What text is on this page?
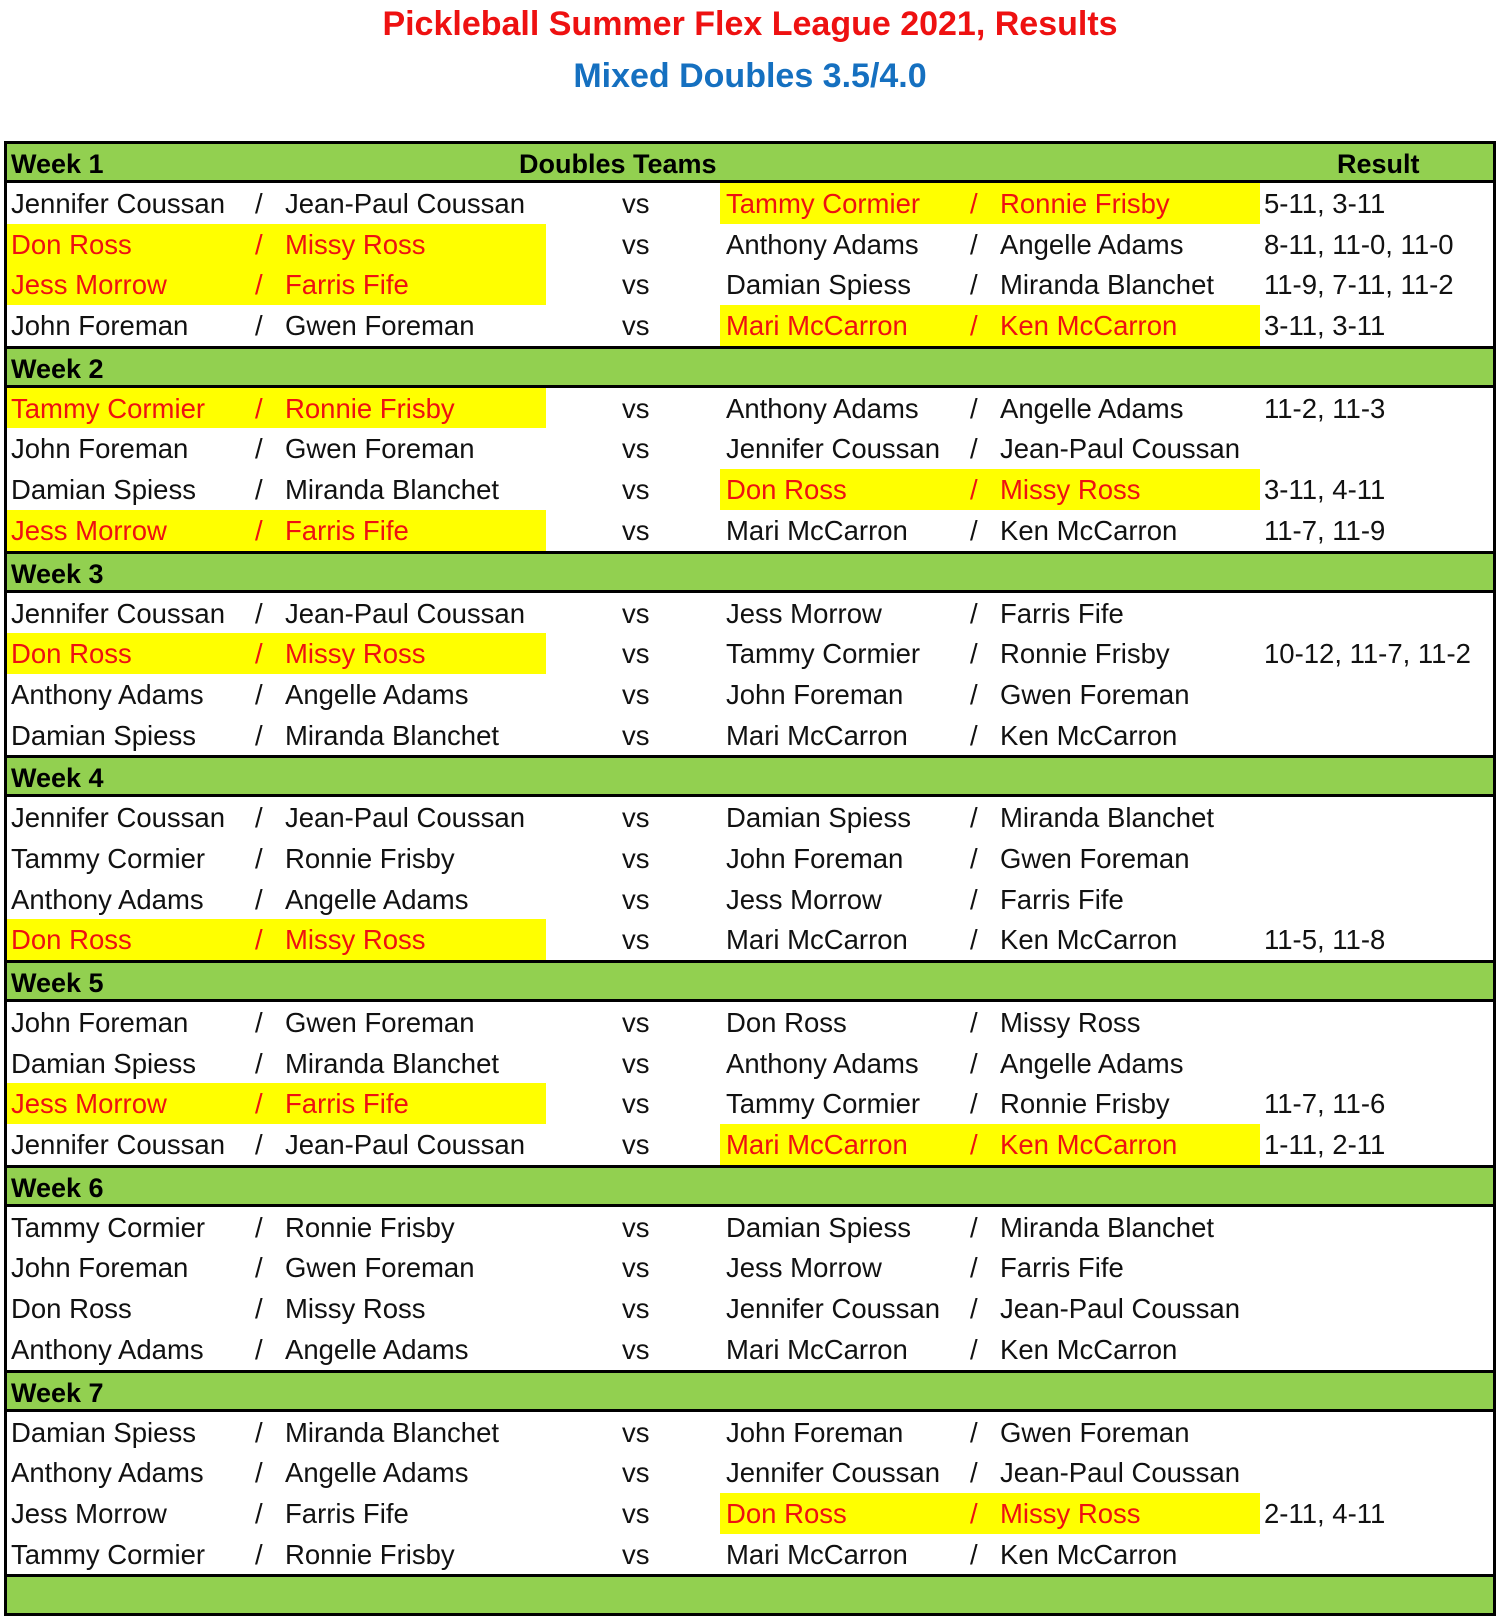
Pickleball Summer Flex League 2021, Results
Mixed Doubles 3.5/4.0
Week 1	Doubles Teams	Result
Jennifer Coussan / Jean-Paul Coussan	vs	Tammy Cormier / Ronnie Frisby	5-11, 3-11
Don Ross	/ Missy Ross	vs	Anthony Adams / Angelle Adams	8-11, 11-0, 11-0
Jess Morrow	/ Farris Fife	vs	Damian Spiess / Miranda Blanchet 11-9, 7-11, 11-2
John Foreman / Gwen Foreman	vs	Mari McCarron / Ken McCarron	3-11, 3-11
Week 2
Tammy Cormier / Ronnie Frisby	vs	Anthony Adams / Angelle Adams	11-2, 11-3
John Foreman / Gwen Foreman	vs	Jennifer Coussan / Jean-Paul Coussan
Damian Spiess / Miranda Blanchet	vs	Don Ross	/ Missy Ross	3-11, 4-11
Jess Morrow	/ Farris Fife	vs	Mari McCarron / Ken McCarron	11-7, 11-9
Week 3
Jennifer Coussan / Jean-Paul Coussan	vs	Jess Morrow	/ Farris Fife
Don Ross	/ Missy Ross	vs	Tammy Cormier / Ronnie Frisby	10-12, 11-7, 11-2
Anthony Adams / Angelle Adams	vs	John Foreman / Gwen Foreman
Damian Spiess / Miranda Blanchet	vs	Mari McCarron / Ken McCarron
Week 4
Jennifer Coussan / Jean-Paul Coussan	vs	Damian Spiess / Miranda Blanchet
Tammy Cormier / Ronnie Frisby	vs	John Foreman / Gwen Foreman
Anthony Adams / Angelle Adams	vs	Jess Morrow	/ Farris Fife
Don Ross	/ Missy Ross	vs	Mari McCarron / Ken McCarron	11-5, 11-8
Week 5
John Foreman / Gwen Foreman	vs	Don Ross	/ Missy Ross
Damian Spiess / Miranda Blanchet	vs	Anthony Adams / Angelle Adams
Jess Morrow	/ Farris Fife	vs	Tammy Cormier / Ronnie Frisby	11-7, 11-6
Jennifer Coussan / Jean-Paul Coussan	vs	Mari McCarron / Ken McCarron	1-11, 2-11
Week 6
Tammy Cormier / Ronnie Frisby	vs	Damian Spiess / Miranda Blanchet
John Foreman / Gwen Foreman	vs	Jess Morrow	/ Farris Fife
Don Ross	/ Missy Ross	vs	Jennifer Coussan / Jean-Paul Coussan
Anthony Adams / Angelle Adams	vs	Mari McCarron / Ken McCarron
Week 7
Damian Spiess / Miranda Blanchet	vs	John Foreman / Gwen Foreman
Anthony Adams / Angelle Adams	vs	Jennifer Coussan / Jean-Paul Coussan
Jess Morrow	/ Farris Fife	vs	Don Ross	/ Missy Ross	2-11, 4-11
Tammy Cormier / Ronnie Frisby	vs	Mari McCarron / Ken McCarron
